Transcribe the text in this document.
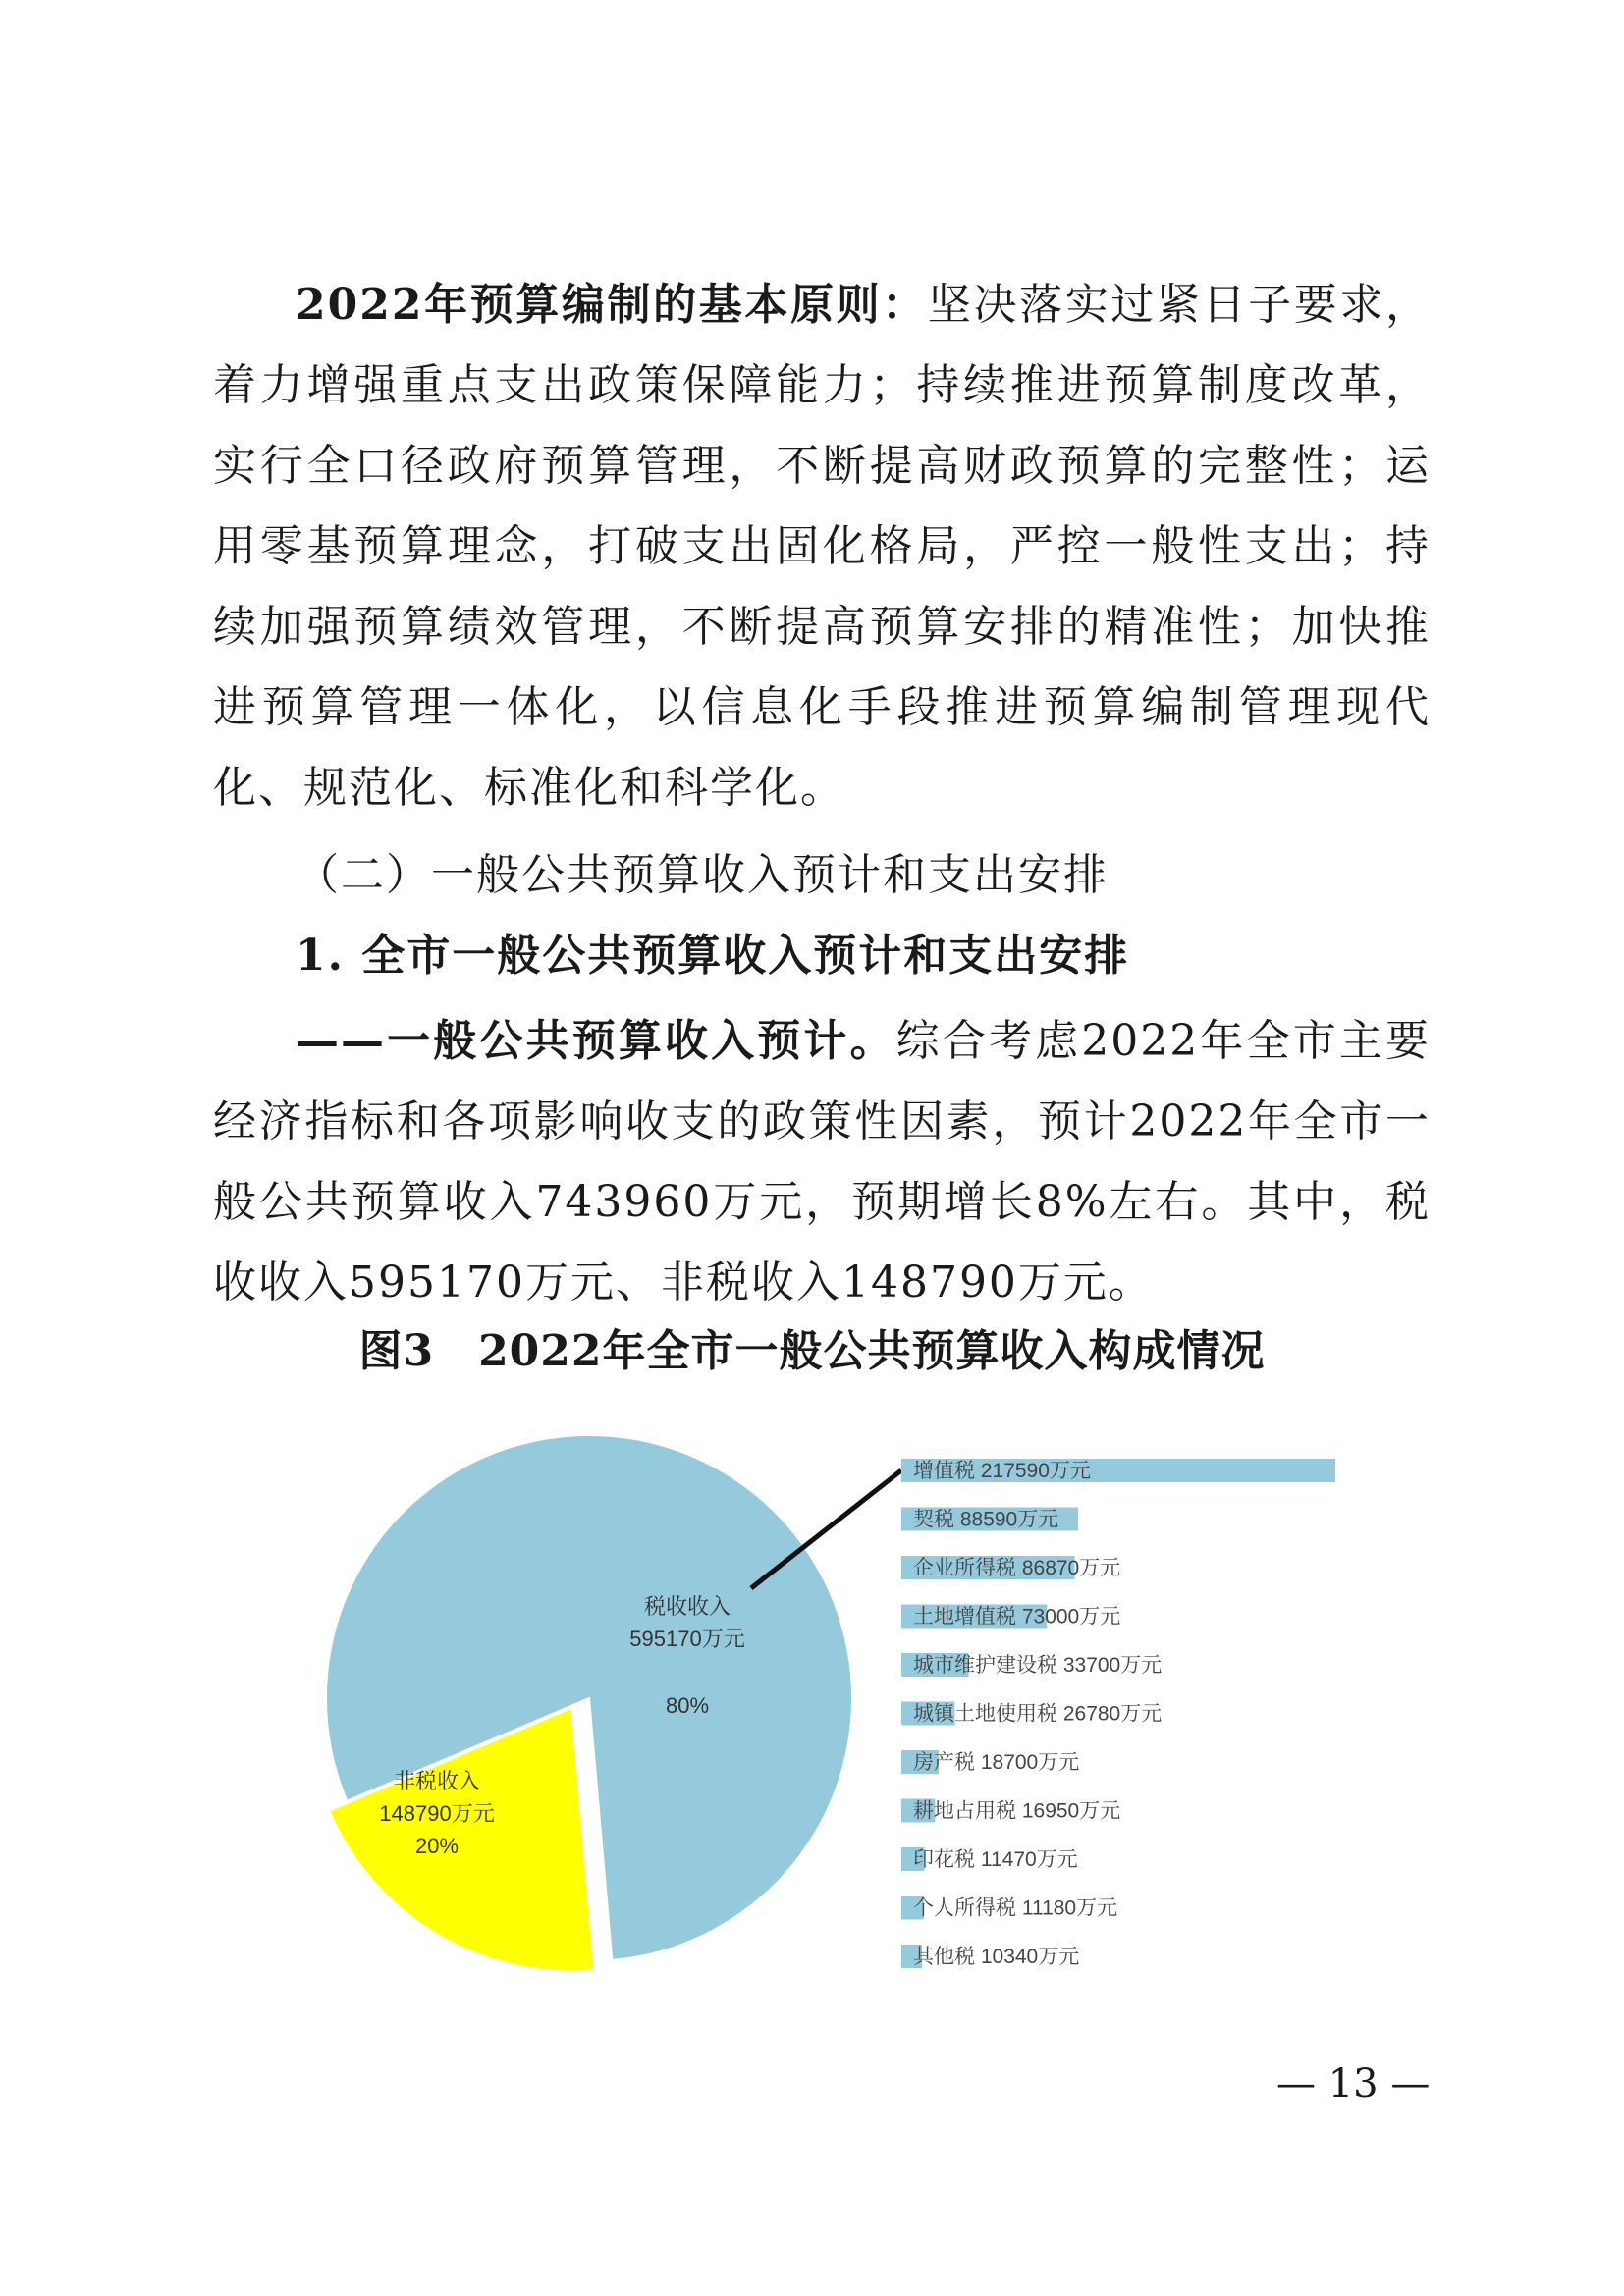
2022年预算编制的基本原则：坚决落实过紧日子要求，着力增强重点支出政策保障能力；持续推进预算制度改革，实行全口径政府预算管理，不断提高财政预算的完整性；运用零基预算理念，打破支出固化格局，严控一般性支出；持续加强预算绩效管理，不断提高预算安排的精准性；加快推进预算管理一体化，以信息化手段推进预算编制管理现代化、规范化、标准化和科学化。

（二）一般公共预算收入预计和支出安排

1. 全市一般公共预算收入预计和支出安排

——一般公共预算收入预计。综合考虑2022年全市主要经济指标和各项影响收支的政策性因素，预计2022年全市一般公共预算收入743960万元，预期增长8%左右。其中，税收收入595170万元、非税收入148790万元。

图3　2022年全市一般公共预算收入构成情况
税收收入
595170万元
80%
非税收入
148790万元
20%
增值税 217590万元
契税 88590万元
企业所得税 86870万元
土地增值税 73000万元
城市维护建设税 33700万元
城镇土地使用税 26780万元
房产税 18700万元
耕地占用税 16950万元
印花税 11470万元
个人所得税 11180万元
其他税 10340万元
— 13 —
